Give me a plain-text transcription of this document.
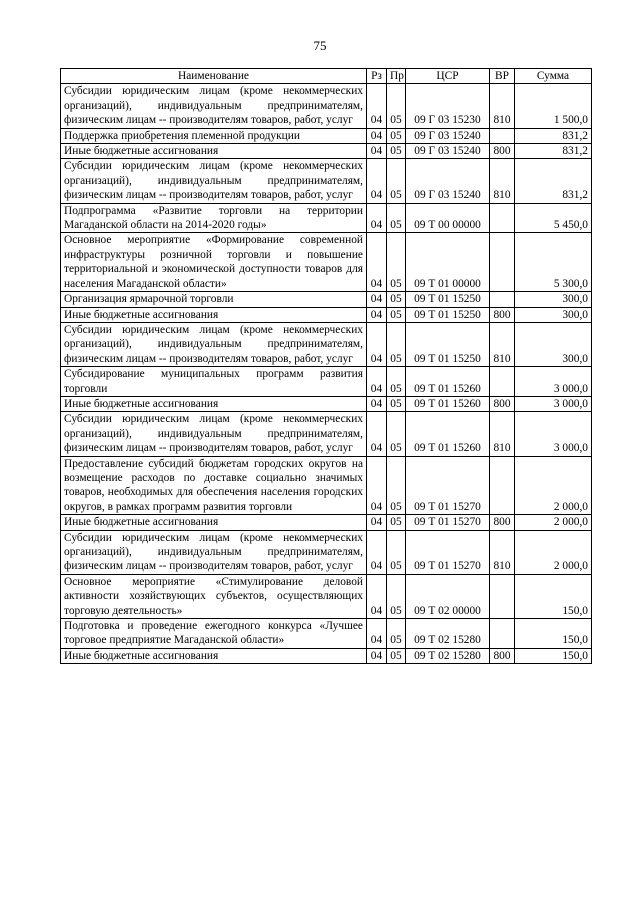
75
Наименование	Рз	Пр	ЦСР	ВР	Сумма
Субсидии юридическим лицам (кроме некоммерческих организаций), индивидуальным предпринимателям, физическим лицам -- производителям товаров, работ, услуг	04	05	09 Г 03 15230	810	1 500,0
Поддержка приобретения племенной продукции	04	05	09 Г 03 15240		831,2
Иные бюджетные ассигнования	04	05	09 Г 03 15240	800	831,2
Субсидии юридическим лицам (кроме некоммерческих организаций), индивидуальным предпринимателям, физическим лицам -- производителям товаров, работ, услуг	04	05	09 Г 03 15240	810	831,2
Подпрограмма «Развитие торговли на территории Магаданской области на 2014-2020 годы»	04	05	09 Т 00 00000		5 450,0
Основное мероприятие «Формирование современной инфраструктуры розничной торговли и повышение территориальной и экономической доступности товаров для населения Магаданской области»	04	05	09 Т 01 00000		5 300,0
Организация ярмарочной торговли	04	05	09 Т 01 15250		300,0
Иные бюджетные ассигнования	04	05	09 Т 01 15250	800	300,0
Субсидии юридическим лицам (кроме некоммерческих организаций), индивидуальным предпринимателям, физическим лицам -- производителям товаров, работ, услуг	04	05	09 Т 01 15250	810	300,0
Субсидирование муниципальных программ развития торговли	04	05	09 Т 01 15260		3 000,0
Иные бюджетные ассигнования	04	05	09 Т 01 15260	800	3 000,0
Субсидии юридическим лицам (кроме некоммерческих организаций), индивидуальным предпринимателям, физическим лицам -- производителям товаров, работ, услуг	04	05	09 Т 01 15260	810	3 000,0
Предоставление субсидий бюджетам городских округов на возмещение расходов по доставке социально значимых товаров, необходимых для обеспечения населения городских округов, в рамках программ развития торговли	04	05	09 Т 01 15270		2 000,0
Иные бюджетные ассигнования	04	05	09 Т 01 15270	800	2 000,0
Субсидии юридическим лицам (кроме некоммерческих организаций), индивидуальным предпринимателям, физическим лицам -- производителям товаров, работ, услуг	04	05	09 Т 01 15270	810	2 000,0
Основное мероприятие «Стимулирование деловой активности хозяйствующих субъектов, осуществляющих торговую деятельность»	04	05	09 Т 02 00000		150,0
Подготовка и проведение ежегодного конкурса «Лучшее торговое предприятие Магаданской области»	04	05	09 Т 02 15280		150,0
Иные бюджетные ассигнования	04	05	09 Т 02 15280	800	150,0
